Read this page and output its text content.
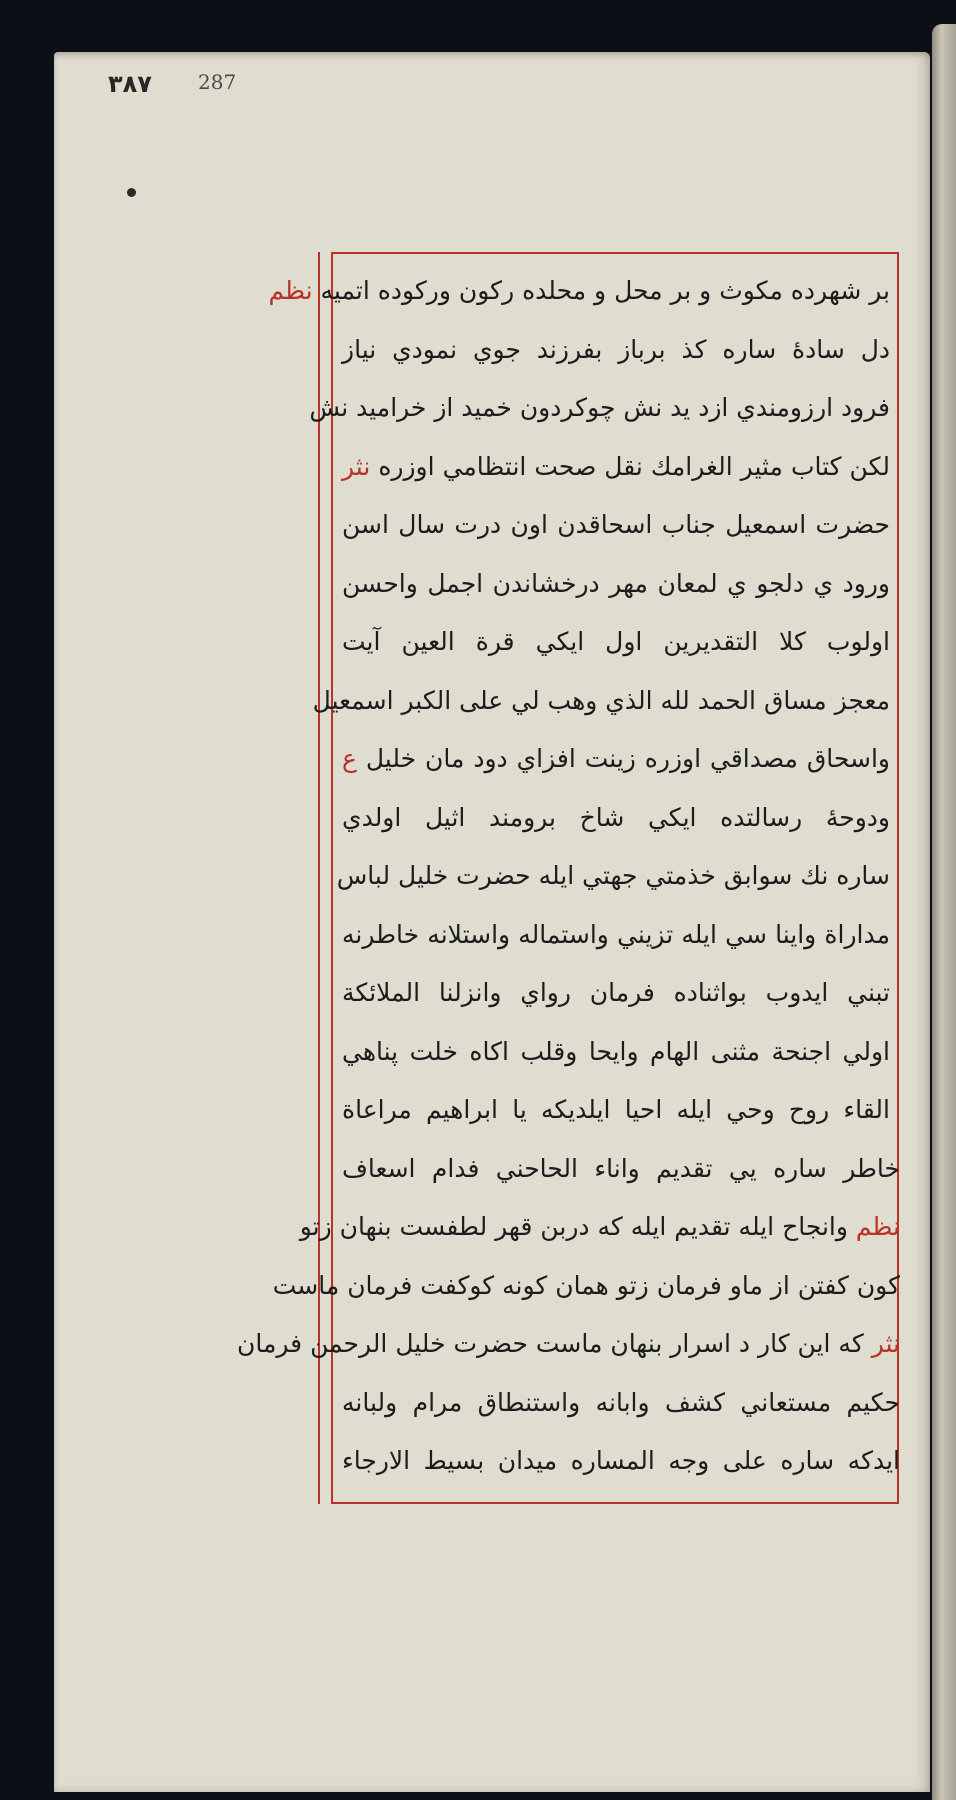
٣٨٧ 287
بر شهرده مكوث و بر محل و محلده ركون وركوده اتميه نظم
دل سادهٔ ساره كذ برباز بفرزند جوي نمودي نياز
فرود ارزومندي ازد يد نش چوكردون خميد از خراميد نش
لكن كتاب مثير الغرامك نقل صحت انتظامي اوزره نثر
حضرت اسمعيل جناب اسحاقدن اون درت سال اسن
ورود ي دلجو ي لمعان مهر درخشاندن اجمل واحسن
اولوب كلا التقديرين اول ايكي قرة العين آيت
معجز مساق الحمد لله الذي وهب لي على الكبر اسمعيل
واسحاق مصداقي اوزره زينت افزاي دود مان خليل ع
ودوحهٔ رسالتده ايكي شاخ برومند اثيل اولدي
ساره نك سوابق خذمتي جهتي ايله حضرت خليل لباس
مداراة واينا سي ايله تزيني واستماله واستلانه خاطرنه
تبني ايدوب بواثناده فرمان رواي وانزلنا الملائكة
اولي اجنحة مثنى الهام وايحا وقلب اكاه خلت پناهي
القاء روح وحي ايله احيا ايلديكه يا ابراهيم مراعاة
خاطر ساره يي تقديم واناء الحاحني فدام اسعاف
نظم وانجاح ايله تقديم ايله كه دربن قهر لطفست بنهان زتو
كون كفتن از ماو فرمان زتو همان كونه كوكفت فرمان ماست
نثر كه اين كار د اسرار بنهان ماست حضرت خليل الرحمن فرمان
حكيم مستعاني كشف وابانه واستنطاق مرام ولبانه
ايدكه ساره على وجه المساره ميدان بسيط الارجاء
